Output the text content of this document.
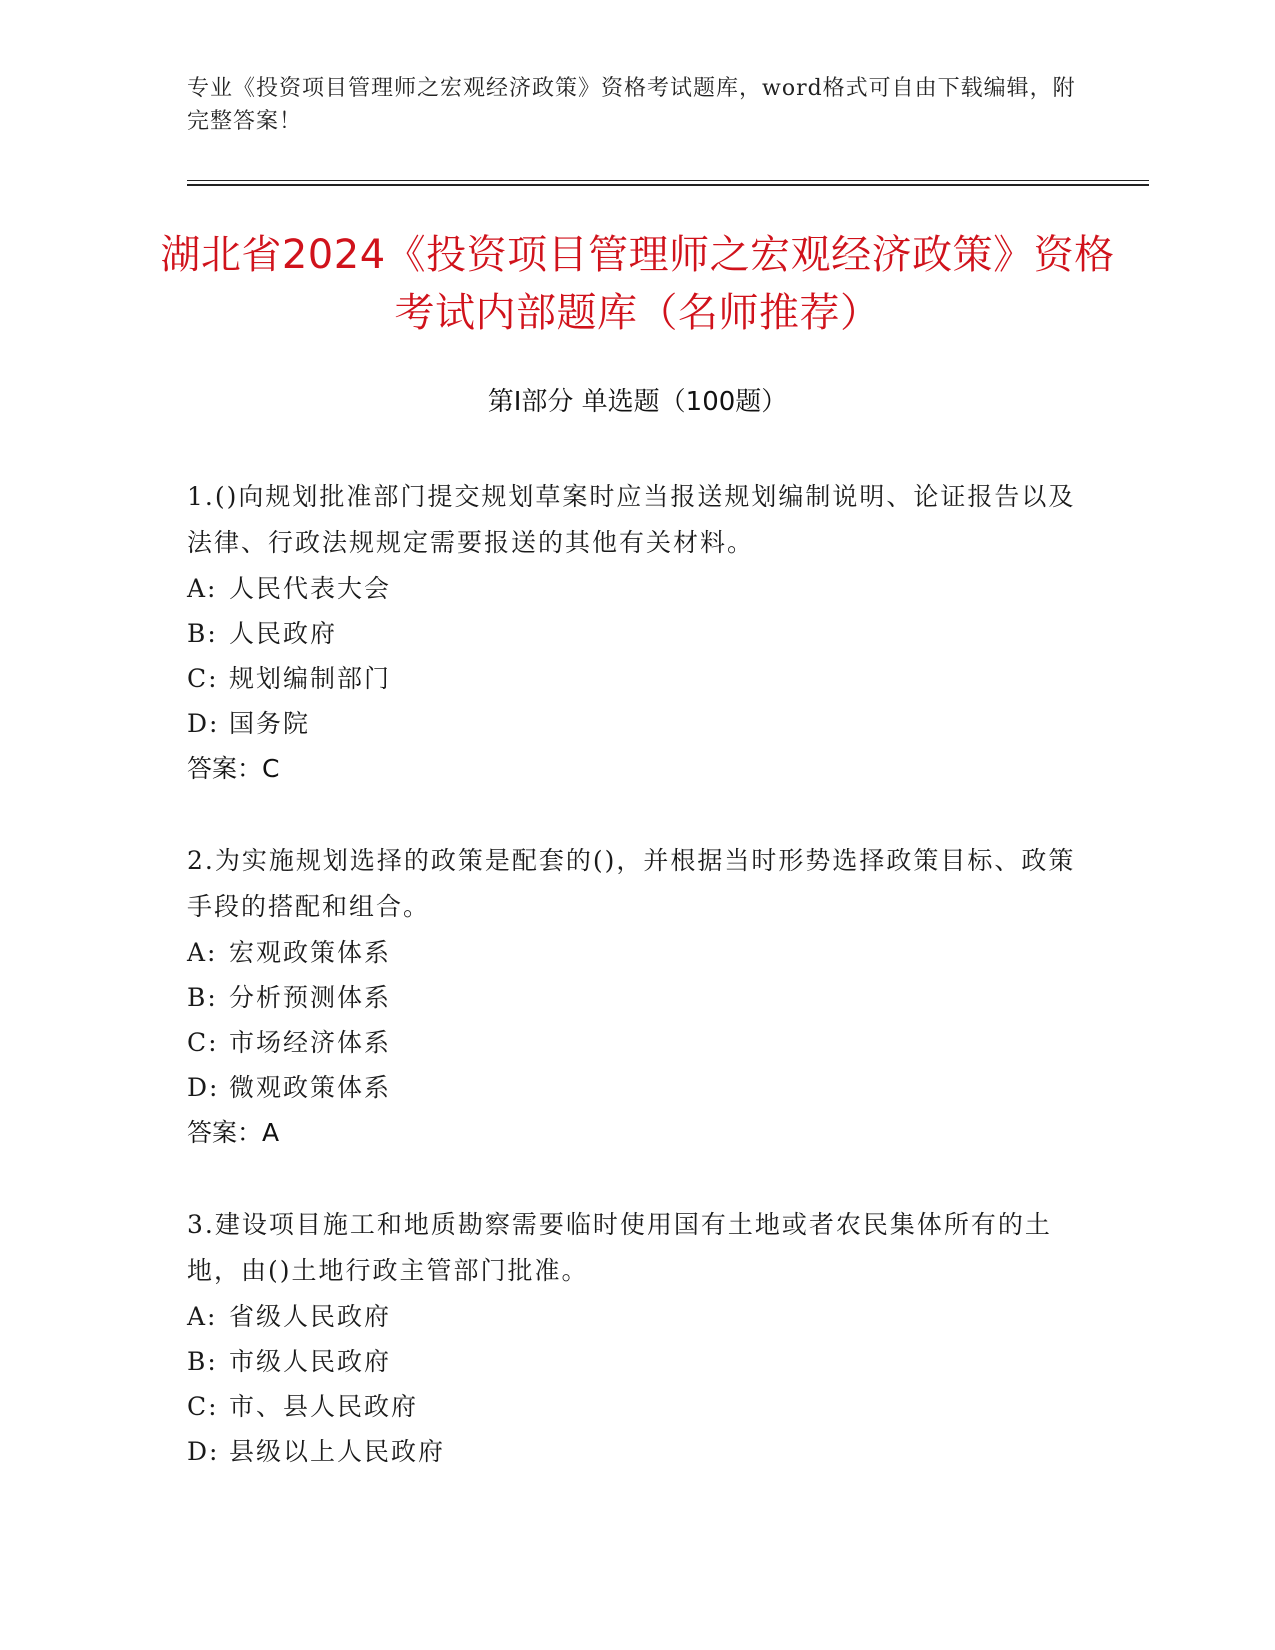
专业《投资项目管理师之宏观经济政策》资格考试题库，word格式可自由下载编辑，附完整答案！
湖北省2024《投资项目管理师之宏观经济政策》资格考试内部题库（名师推荐）
第Ⅰ部分 单选题（100题）

1.()向规划批准部门提交规划草案时应当报送规划编制说明、论证报告以及法律、行政法规规定需要报送的其他有关材料。

A: 人民代表大会
B: 人民政府
C: 规划编制部门
D: 国务院
答案：C

2.为实施规划选择的政策是配套的()，并根据当时形势选择政策目标、政策手段的搭配和组合。

A: 宏观政策体系
B: 分析预测体系
C: 市场经济体系
D: 微观政策体系
答案：A

3.建设项目施工和地质勘察需要临时使用国有土地或者农民集体所有的土地，由()土地行政主管部门批准。

A: 省级人民政府
B: 市级人民政府
C: 市、县人民政府
D: 县级以上人民政府
